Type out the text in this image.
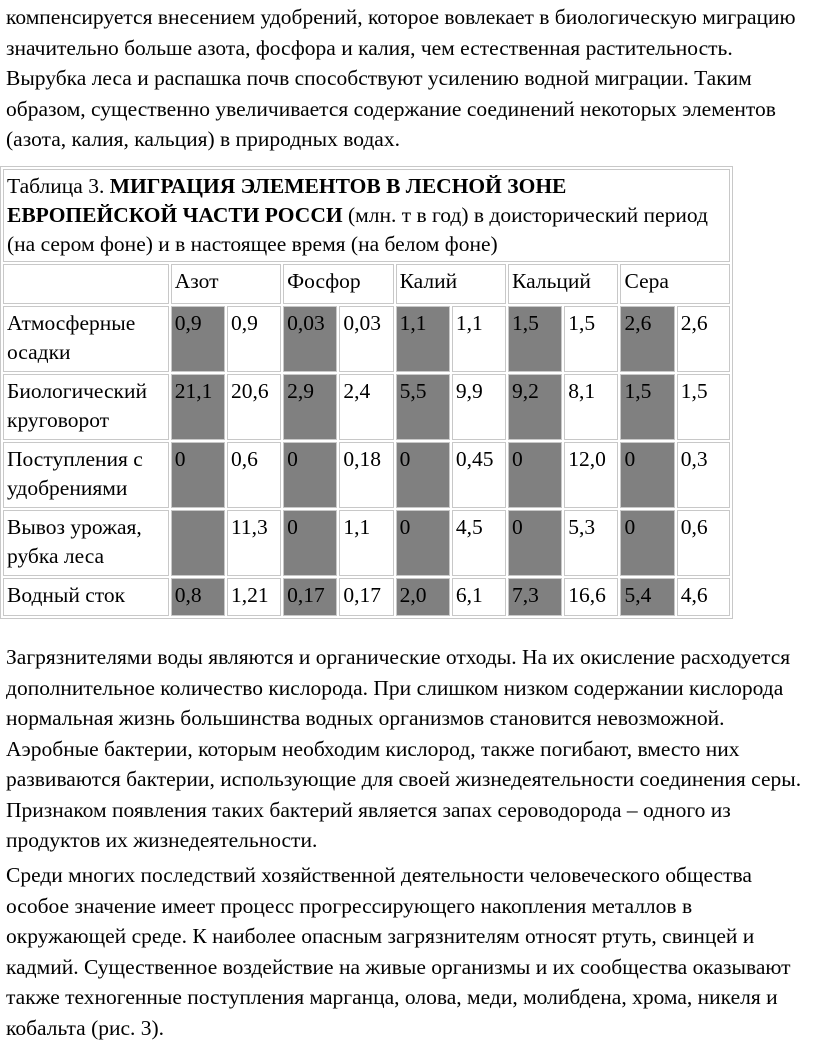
компенсируется внесением удобрений, которое вовлекает в биологическую миграцию значительно больше азота, фосфора и калия, чем естественная растительность. Вырубка леса и распашка почв способствуют усилению водной миграции. Таким образом, существенно увеличивается содержание соединений некоторых элементов (азота, калия, кальция) в природных водах.

Таблица 3. МИГРАЦИЯ ЭЛЕМЕНТОВ В ЛЕСНОЙ ЗОНЕ ЕВРОПЕЙСКОЙ ЧАСТИ РОССИ (млн. т в год) в доисторический период (на сером фоне) и в настоящее время (на белом фоне)										
	Азот		Фосфор		Калий		Кальций		Сера	
Атмосферные осадки	0,9	0,9	0,03	0,03	1,1	1,1	1,5	1,5	2,6	2,6
Биологический круговорот	21,1	20,6	2,9	2,4	5,5	9,9	9,2	8,1	1,5	1,5
Поступления с удобрениями	0	0,6	0	0,18	0	0,45	0	12,0	0	0,3
Вывоз урожая, рубка леса		11,3	0	1,1	0	4,5	0	5,3	0	0,6
Водный сток	0,8	1,21	0,17	0,17	2,0	6,1	7,3	16,6	5,4	4,6

Загрязнителями воды являются и органические отходы. На их окисление расходуется дополнительное количество кислорода. При слишком низком содержании кислорода нормальная жизнь большинства водных организмов становится невозможной. Аэробные бактерии, которым необходим кислород, также погибают, вместо них развиваются бактерии, использующие для своей жизнедеятельности соединения серы. Признаком появления таких бактерий является запах сероводорода – одного из продуктов их жизнедеятельности.

Среди многих последствий хозяйственной деятельности человеческого общества особое значение имеет процесс прогрессирующего накопления металлов в окружающей среде. К наиболее опасным загрязнителям относят ртуть, свинцей и кадмий. Существенное воздействие на живые организмы и их сообщества оказывают также техногенные поступления марганца, олова, меди, молибдена, хрома, никеля и кобальта (рис. 3).
